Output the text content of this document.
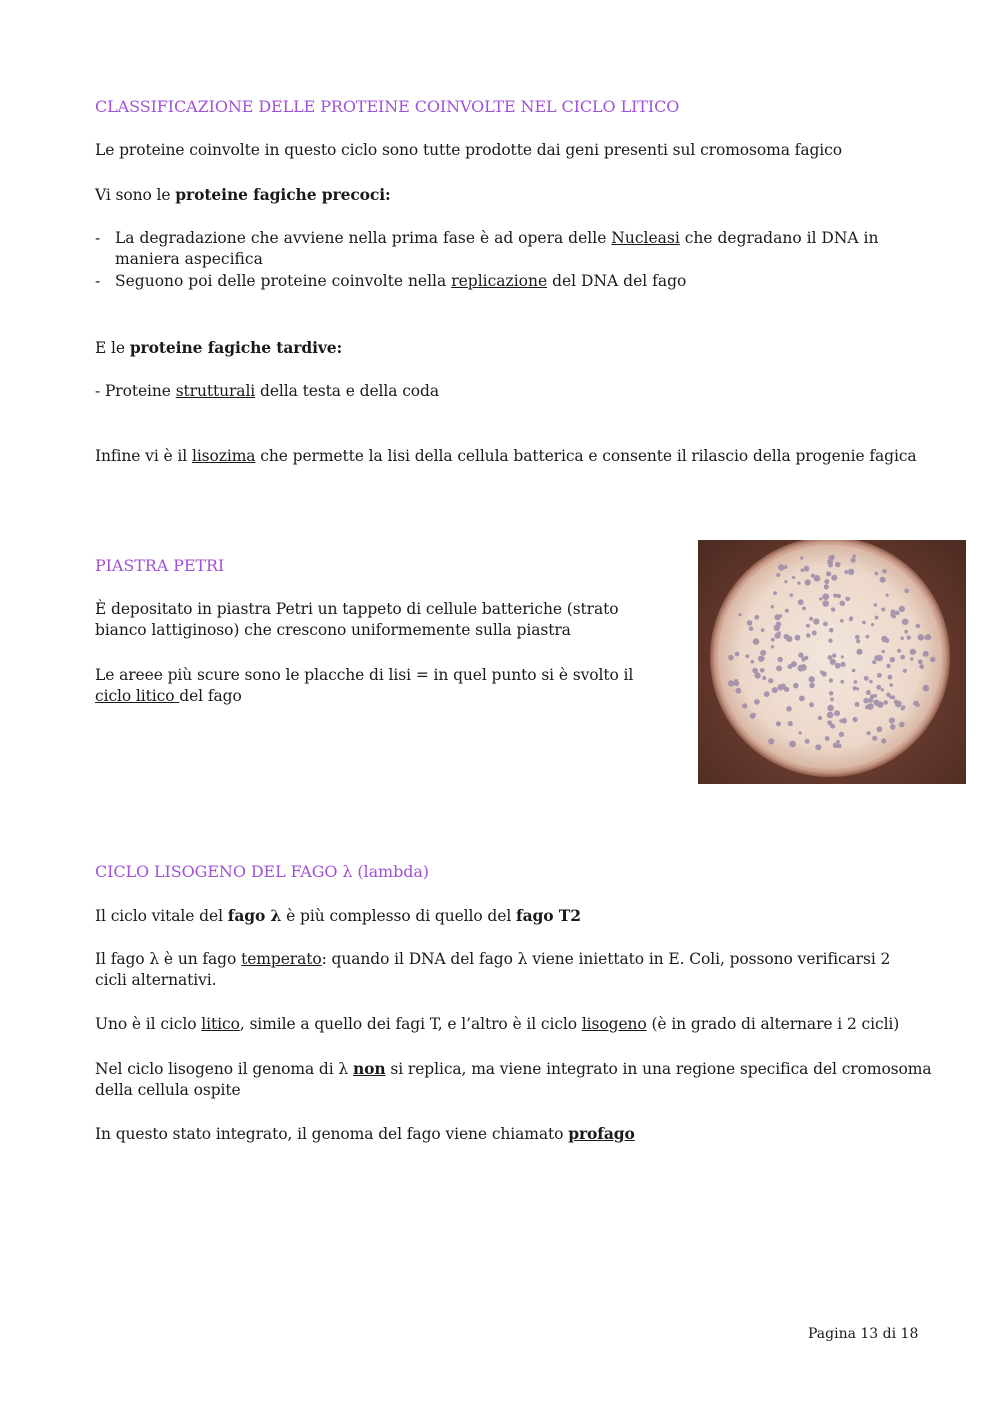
CLASSIFICAZIONE DELLE PROTEINE COINVOLTE NEL CICLO LITICO

Le proteine coinvolte in questo ciclo sono tutte prodotte dai geni presenti sul cromosoma fagico

Vi sono le proteine fagiche precoci:

- La degradazione che avviene nella prima fase è ad opera delle Nucleasi che degradano il DNA in
maniera aspecifica
- Seguono poi delle proteine coinvolte nella replicazione del DNA del fago

E le proteine fagiche tardive:

- Proteine strutturali della testa e della coda

Infine vi è il lisozima che permette la lisi della cellula batterica e consente il rilascio della progenie fagica

PIASTRA PETRI

È depositato in piastra Petri un tappeto di cellule batteriche (strato
bianco lattiginoso) che crescono uniformemente sulla piastra

Le areee più scure sono le placche di lisi = in quel punto si è svolto il
ciclo litico del fago

CICLO LISOGENO DEL FAGO λ (lambda)

Il ciclo vitale del fago λ è più complesso di quello del fago T2

Il fago λ è un fago temperato: quando il DNA del fago λ viene iniettato in E. Coli, possono verificarsi 2
cicli alternativi.

Uno è il ciclo litico, simile a quello dei fagi T, e l’altro è il ciclo lisogeno (è in grado di alternare i 2 cicli)

Nel ciclo lisogeno il genoma di λ non si replica, ma viene integrato in una regione specifica del cromosoma
della cellula ospite

In questo stato integrato, il genoma del fago viene chiamato profago

Pagina 13 di 18
